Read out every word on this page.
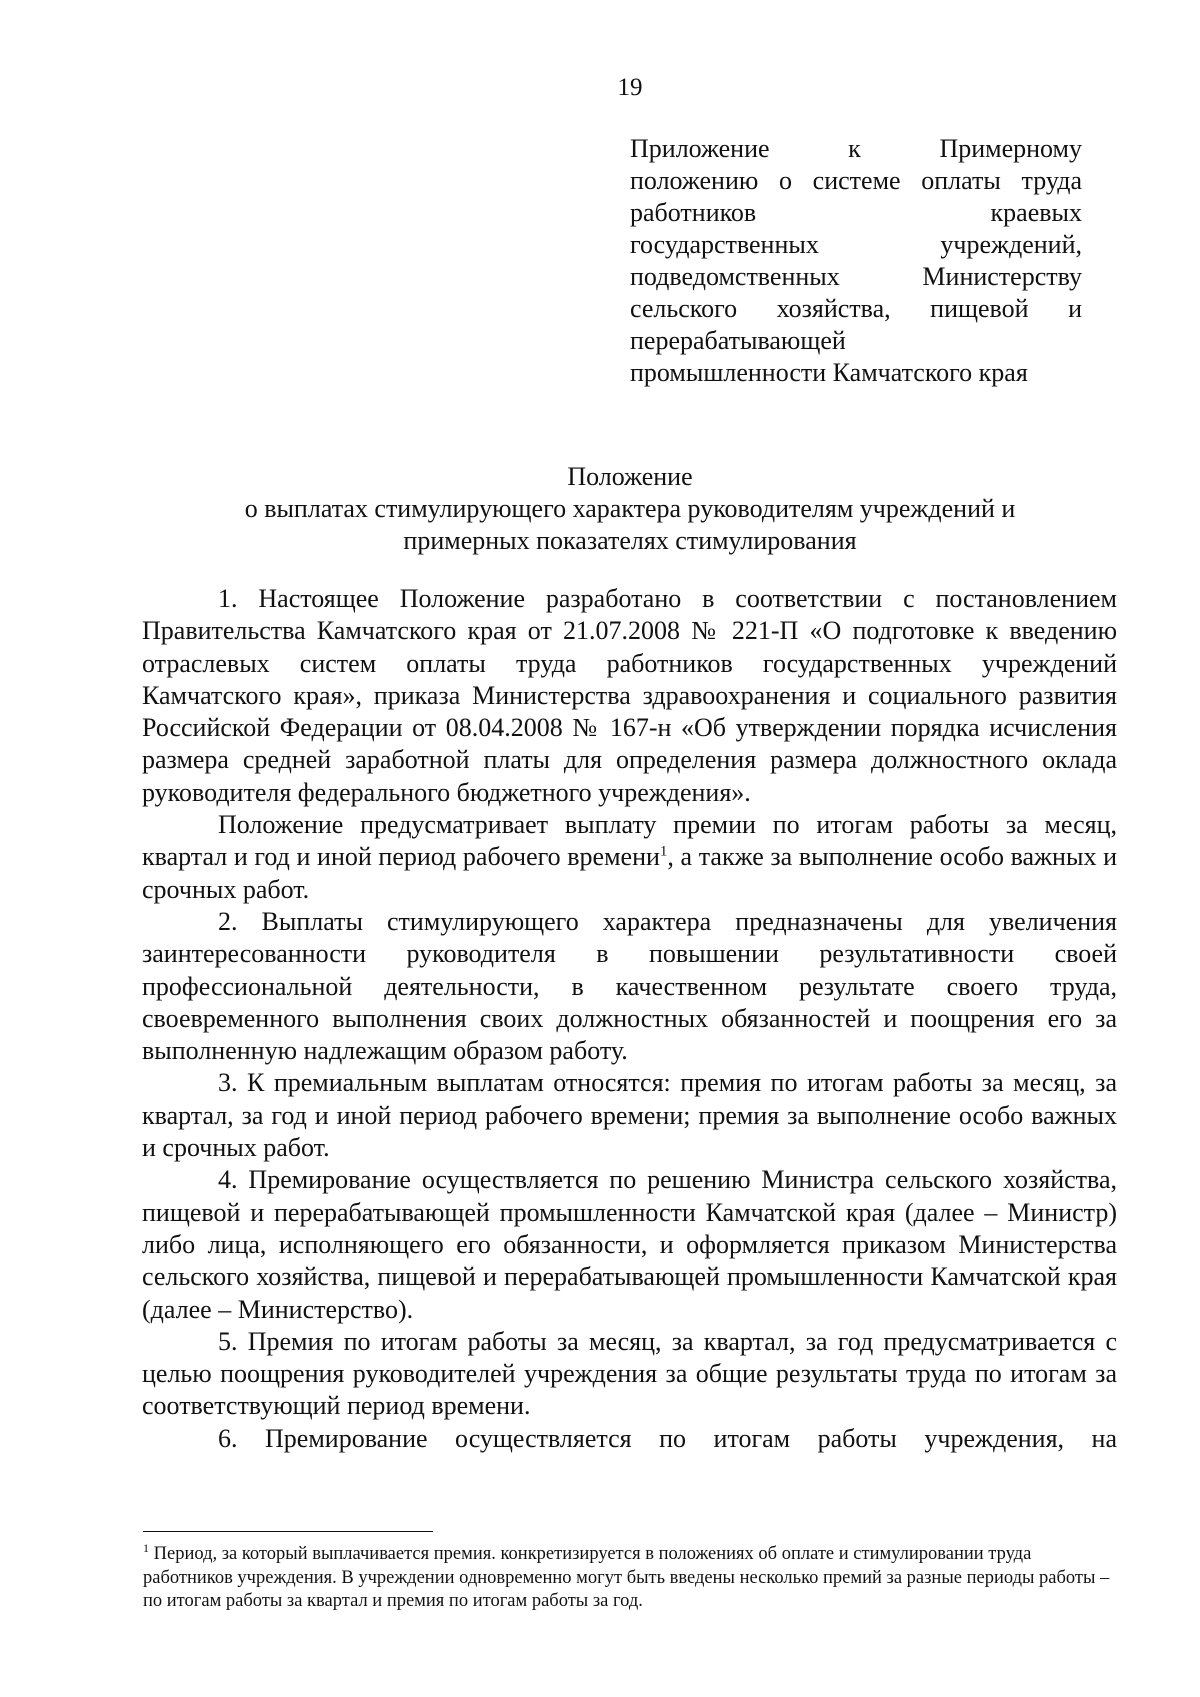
19
Приложение к Примерному
положению о системе оплаты труда
работников краевых
государственных учреждений,
подведомственных Министерству
сельского хозяйства, пищевой и
перерабатывающей
промышленности Камчатского края
Положение
о выплатах стимулирующего характера руководителям учреждений и
примерных показателях стимулирования

1. Настоящее Положение разработано в соответствии с постановлением Правительства Камчатского края от 21.07.2008 № 221-П «О подготовке к введению отраслевых систем оплаты труда работников государственных учреждений Камчатского края», приказа Министерства здравоохранения и социального развития Российской Федерации от 08.04.2008 № 167-н «Об утверждении порядка исчисления размера средней заработной платы для определения размера должностного оклада руководителя федерального бюджетного учреждения».

Положение предусматривает выплату премии по итогам работы за месяц, квартал и год и иной период рабочего времени$^1$, а также за выполнение особо важных и срочных работ.

2. Выплаты стимулирующего характера предназначены для увеличения заинтересованности руководителя в повышении результативности своей профессиональной деятельности, в качественном результате своего труда, своевременного выполнения своих должностных обязанностей и поощрения его за выполненную надлежащим образом работу.

3. К премиальным выплатам относятся: премия по итогам работы за месяц, за квартал, за год и иной период рабочего времени; премия за выполнение особо важных и срочных работ.

4. Премирование осуществляется по решению Министра сельского хозяйства, пищевой и перерабатывающей промышленности Камчатской края (далее – Министр) либо лица, исполняющего его обязанности, и оформляется приказом Министерства сельского хозяйства, пищевой и перерабатывающей промышленности Камчатской края (далее – Министерство).

5. Премия по итогам работы за месяц, за квартал, за год предусматривается с целью поощрения руководителей учреждения за общие результаты труда по итогам за соответствующий период времени.

6. Премирование осуществляется по итогам работы учреждения, на

$^1$ Период, за который выплачивается премия. конкретизируется в положениях об оплате и стимулировании труда работников учреждения. В учреждении одновременно могут быть введены несколько премий за разные периоды работы – по итогам работы за квартал и премия по итогам работы за год.
